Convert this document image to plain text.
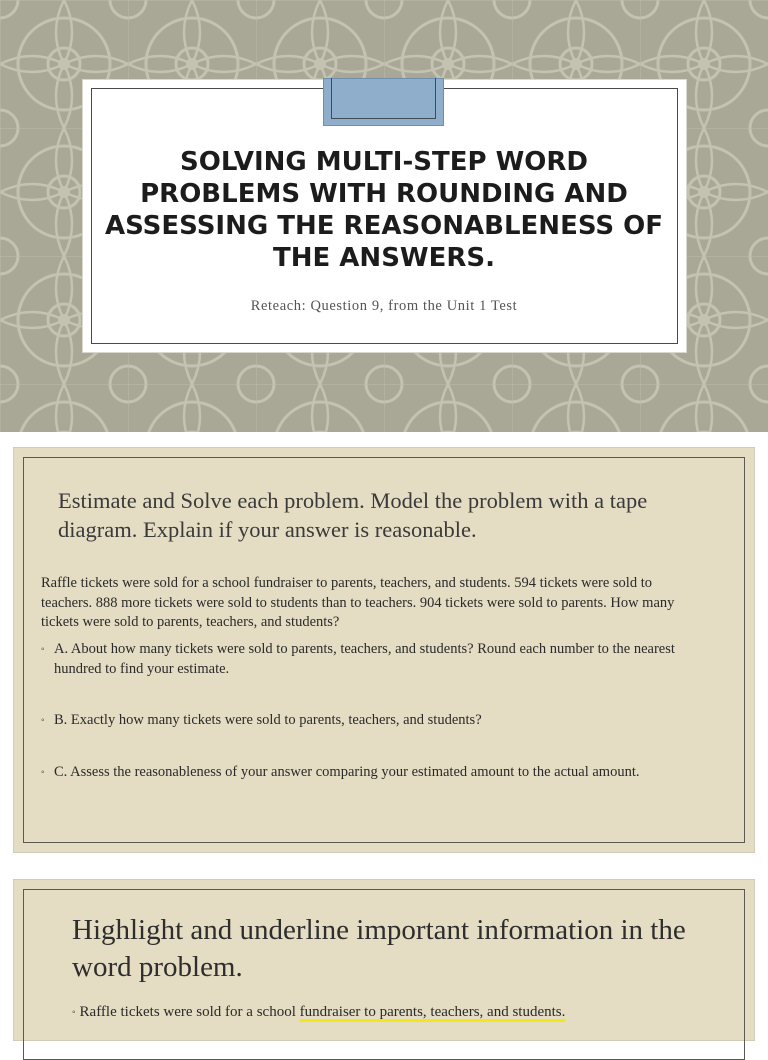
SOLVING MULTI-STEP WORD PROBLEMS WITH ROUNDING AND ASSESSING THE REASONABLENESS OF THE ANSWERS.

Reteach: Question 9, from the Unit 1 Test

Estimate and Solve each problem. Model the problem with a tape diagram. Explain if your answer is reasonable.

Raffle tickets were sold for a school fundraiser to parents, teachers, and students. 594 tickets were sold to teachers. 888 more tickets were sold to students than to teachers. 904 tickets were sold to parents. How many tickets were sold to parents, teachers, and students?

◦ A. About how many tickets were sold to parents, teachers, and students? Round each number to the nearest hundred to find your estimate.

◦ B. Exactly how many tickets were sold to parents, teachers, and students?

◦ C. Assess the reasonableness of your answer comparing your estimated amount to the actual amount.

Highlight and underline important information in the word problem.

◦ Raffle tickets were sold for a school fundraiser to parents, teachers, and students.
